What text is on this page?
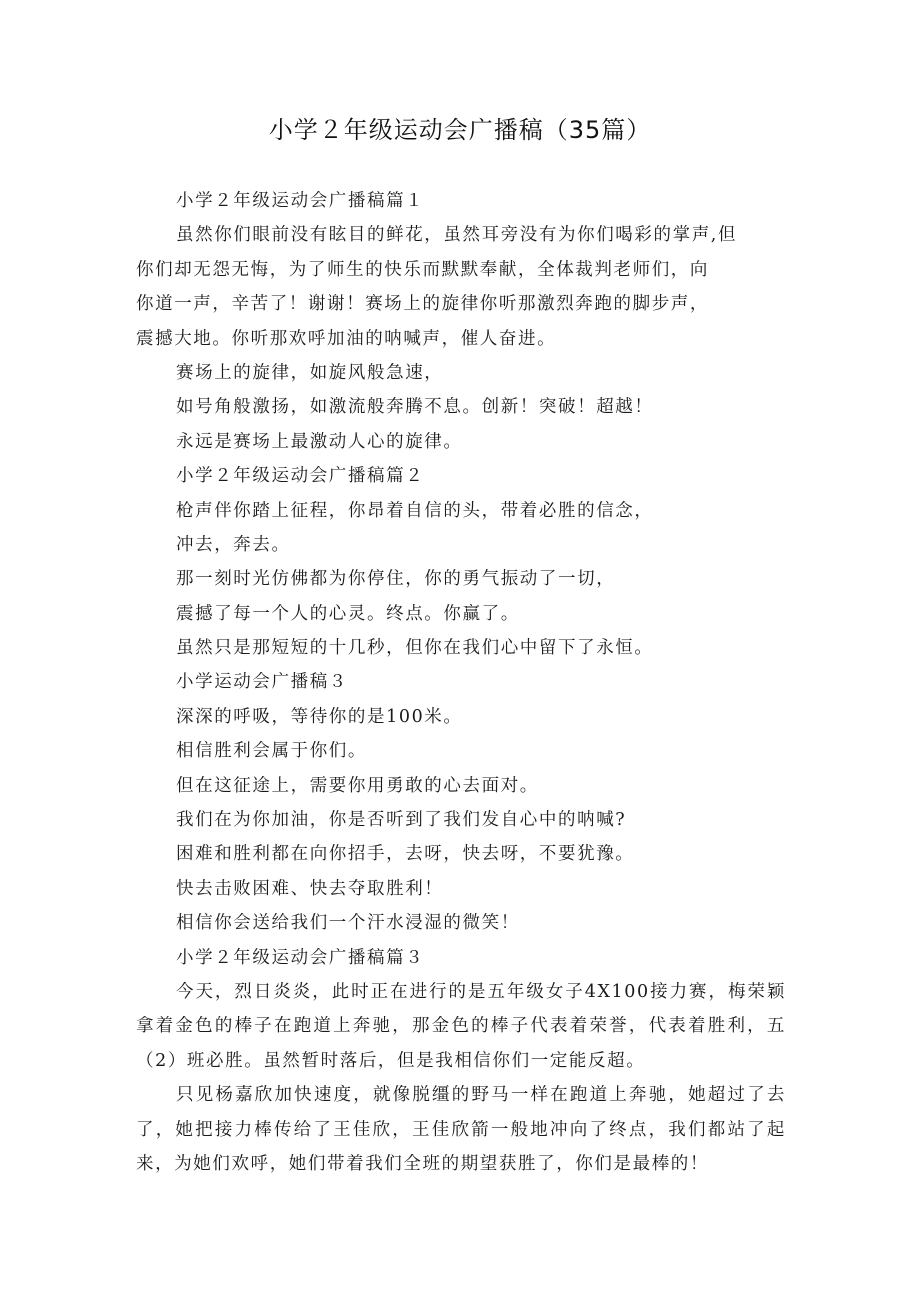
小学２年级运动会广播稿（35篇）
小学２年级运动会广播稿篇１
虽然你们眼前没有眩目的鲜花，虽然耳旁没有为你们喝彩的掌声,但
你们却无怨无悔，为了师生的快乐而默默奉献，全体裁判老师们，向
你道一声，辛苦了！谢谢！赛场上的旋律你听那激烈奔跑的脚步声，
震撼大地。你听那欢呼加油的呐喊声，催人奋进。
赛场上的旋律，如旋风般急速，
如号角般激扬，如激流般奔腾不息。创新！突破！超越！
永远是赛场上最激动人心的旋律。
小学２年级运动会广播稿篇２
枪声伴你踏上征程，你昂着自信的头，带着必胜的信念，
冲去，奔去。
那一刻时光仿佛都为你停住，你的勇气振动了一切，
震撼了每一个人的心灵。终点。你赢了。
虽然只是那短短的十几秒，但你在我们心中留下了永恒。
小学运动会广播稿３
深深的呼吸，等待你的是100米。
相信胜利会属于你们。
但在这征途上，需要你用勇敢的心去面对。
我们在为你加油，你是否听到了我们发自心中的呐喊?
困难和胜利都在向你招手，去呀，快去呀，不要犹豫。
快去击败困难、快去夺取胜利！
相信你会送给我们一个汗水浸湿的微笑！
小学２年级运动会广播稿篇３
今天，烈日炎炎，此时正在进行的是五年级女子4X100接力赛，梅荣颖拿着金色的棒子在跑道上奔驰，那金色的棒子代表着荣誉，代表着胜利，五（2）班必胜。虽然暂时落后，但是我相信你们一定能反超。
只见杨嘉欣加快速度，就像脱缰的野马一样在跑道上奔驰，她超过了去了，她把接力棒传给了王佳欣，王佳欣箭一般地冲向了终点，我们都站了起来，为她们欢呼，她们带着我们全班的期望获胜了，你们是最棒的！
